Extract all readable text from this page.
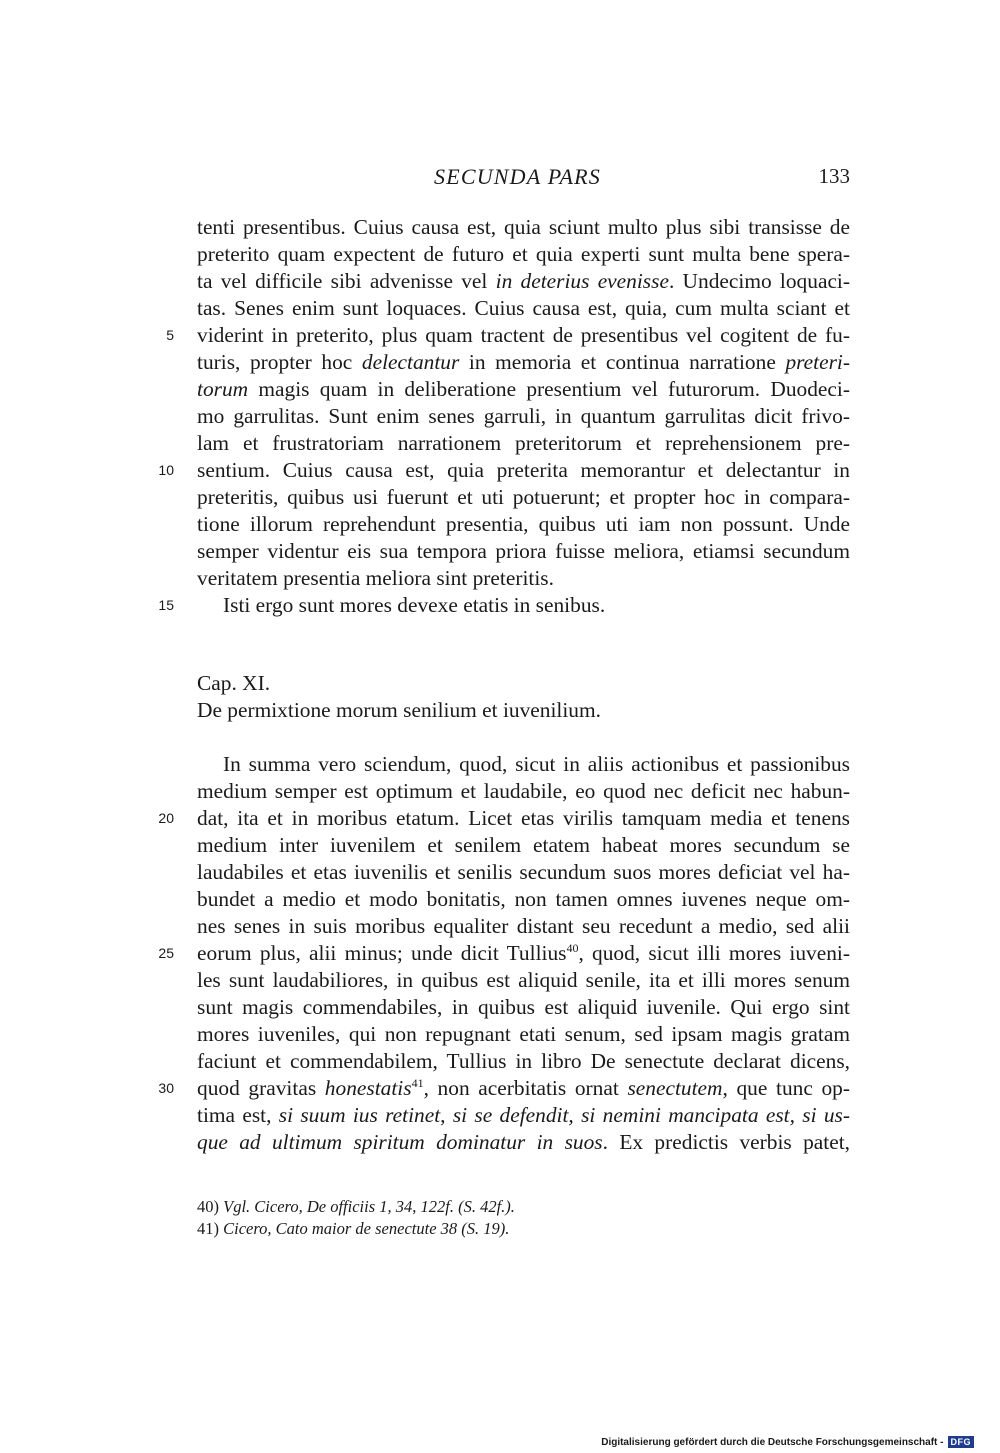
SECUNDA PARS	133
tenti presentibus. Cuius causa est, quia sciunt multo plus sibi transisse de
preterito quam expectent de futuro et quia experti sunt multa bene spera-
ta vel difficile sibi advenisse vel in deterius evenisse. Undecimo loquaci-
tas. Senes enim sunt loquaces. Cuius causa est, quia, cum multa sciant et
5 viderint in preterito, plus quam tractent de presentibus vel cogitent de fu-
turis, propter hoc delectantur in memoria et continua narratione preteri-
torum magis quam in deliberatione presentium vel futurorum. Duodeci-
mo garrulitas. Sunt enim senes garruli, in quantum garrulitas dicit frivo-
lam et frustratoriam narrationem preteritorum et reprehensionem pre-
10 sentium. Cuius causa est, quia preterita memorantur et delectantur in
preteritis, quibus usi fuerunt et uti potuerunt; et propter hoc in compara-
tione illorum reprehendunt presentia, quibus uti iam non possunt. Unde
semper videntur eis sua tempora priora fuisse meliora, etiamsi secundum
veritatem presentia meliora sint preteritis.
15	Isti ergo sunt mores devexe etatis in senibus.
Cap. XI.
De permixtione morum senilium et iuvenilium.
In summa vero sciendum, quod, sicut in aliis actionibus et passionibus
medium semper est optimum et laudabile, eo quod nec deficit nec habun-
20 dat, ita et in moribus etatum. Licet etas virilis tamquam media et tenens
medium inter iuvenilem et senilem etatem habeat mores secundum se
laudabiles et etas iuvenilis et senilis secundum suos mores deficiat vel ha-
bundet a medio et modo bonitatis, non tamen omnes iuvenes neque om-
nes senes in suis moribus equaliter distant seu recedunt a medio, sed alii
25 eorum plus, alii minus; unde dicit Tullius$^{40}$, quod, sicut illi mores iuveni-
les sunt laudabiliores, in quibus est aliquid senile, ita et illi mores senum
sunt magis commendabiles, in quibus est aliquid iuvenile. Qui ergo sint
mores iuveniles, qui non repugnant etati senum, sed ipsam magis gratam
faciunt et commendabilem, Tullius in libro De senectute declarat dicens,
30 quod gravitas honestatis$^{41}$, non acerbitatis ornat senectutem, que tunc op-
tima est, si suum ius retinet, si se defendit, si nemini mancipata est, si us-
que ad ultimum spiritum dominatur in suos. Ex predictis verbis patet,
40) Vgl. Cicero, De officiis 1, 34, 122f. (S. 42f.).
41) Cicero, Cato maior de senectute 38 (S. 19).
Digitalisierung gefördert durch die Deutsche Forschungsgemeinschaft - DFG
